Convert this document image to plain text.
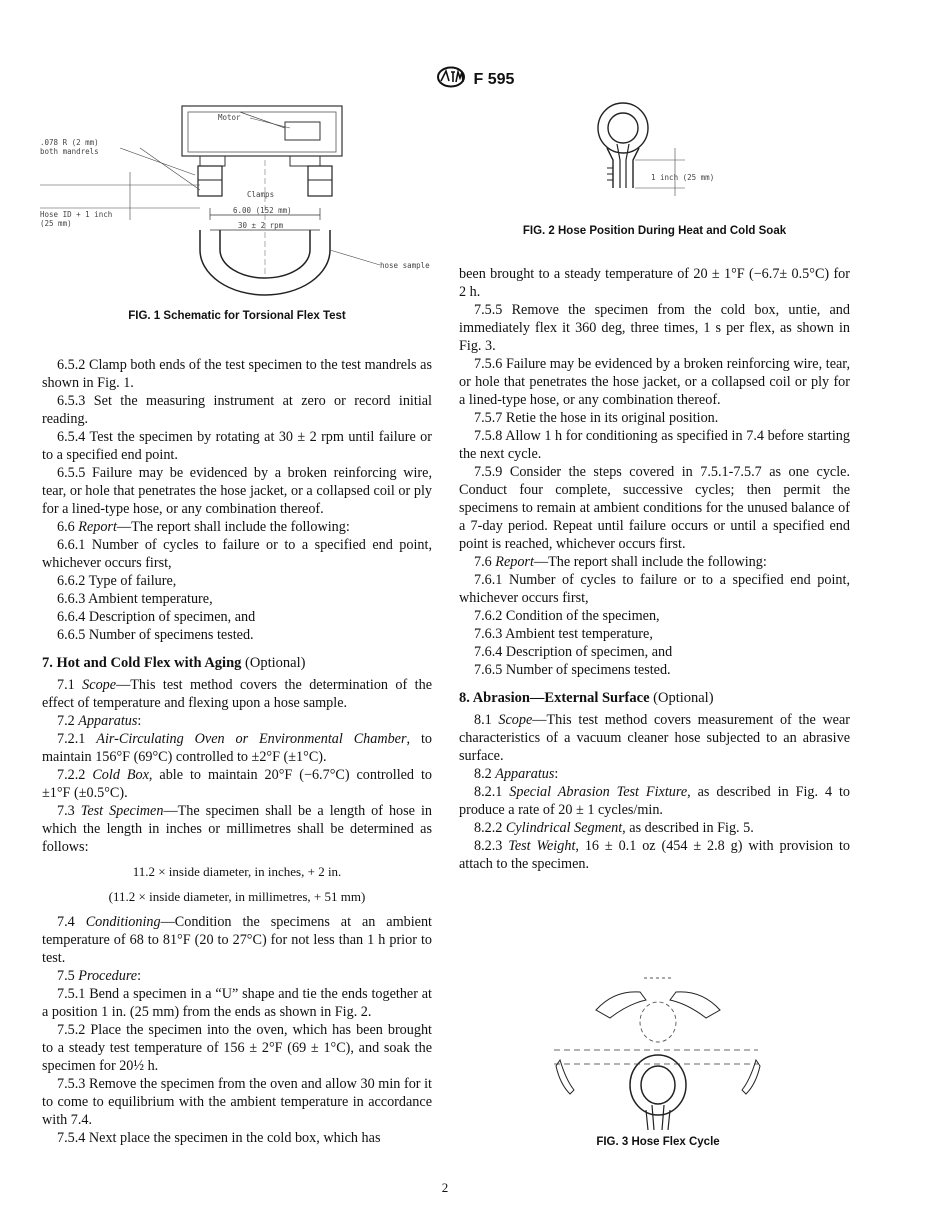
F 595
Motor
.078 R (2 mm)
both mandrels
Clamps
6.00 (152 mm)
30 ± 2 rpm
Hose ID + 1 inch
(25 mm)
hose sample
FIG. 1 Schematic for Torsional Flex Test
1 inch (25 mm)
FIG. 2 Hose Position During Heat and Cold Soak
FIG. 3 Hose Flex Cycle

6.5.2 Clamp both ends of the test specimen to the test mandrels as shown in Fig. 1.

6.5.3 Set the measuring instrument at zero or record initial reading.

6.5.4 Test the specimen by rotating at 30 ± 2 rpm until failure or to a specified end point.

6.5.5 Failure may be evidenced by a broken reinforcing wire, tear, or hole that penetrates the hose jacket, or a collapsed coil or ply for a lined-type hose, or any combination thereof.

6.6 Report—The report shall include the following:

6.6.1 Number of cycles to failure or to a specified end point, whichever occurs first,

6.6.2 Type of failure,

6.6.3 Ambient temperature,

6.6.4 Description of specimen, and

6.6.5 Number of specimens tested.

7. Hot and Cold Flex with Aging (Optional)

7.1 Scope—This test method covers the determination of the effect of temperature and flexing upon a hose sample.

7.2 Apparatus:

7.2.1 Air-Circulating Oven or Environmental Chamber, to maintain 156°F (69°C) controlled to ±2°F (±1°C).

7.2.2 Cold Box, able to maintain 20°F (−6.7°C) controlled to ±1°F (±0.5°C).

7.3 Test Specimen—The specimen shall be a length of hose in which the length in inches or millimetres shall be determined as follows:

11.2 × inside diameter, in inches, + 2 in.

(11.2 × inside diameter, in millimetres, + 51 mm)

7.4 Conditioning—Condition the specimens at an ambient temperature of 68 to 81°F (20 to 27°C) for not less than 1 h prior to test.

7.5 Procedure:

7.5.1 Bend a specimen in a “U” shape and tie the ends together at a position 1 in. (25 mm) from the ends as shown in Fig. 2.

7.5.2 Place the specimen into the oven, which has been brought to a steady test temperature of 156 ± 2°F (69 ± 1°C), and soak the specimen for 20½ h.

7.5.3 Remove the specimen from the oven and allow 30 min for it to come to equilibrium with the ambient temperature in accordance with 7.4.

7.5.4 Next place the specimen in the cold box, which has

been brought to a steady temperature of 20 ± 1°F (−6.7± 0.5°C) for 2 h.

7.5.5 Remove the specimen from the cold box, untie, and immediately flex it 360 deg, three times, 1 s per flex, as shown in Fig. 3.

7.5.6 Failure may be evidenced by a broken reinforcing wire, tear, or hole that penetrates the hose jacket, or a collapsed coil or ply for a lined-type hose, or any combination thereof.

7.5.7 Retie the hose in its original position.

7.5.8 Allow 1 h for conditioning as specified in 7.4 before starting the next cycle.

7.5.9 Consider the steps covered in 7.5.1-7.5.7 as one cycle. Conduct four complete, successive cycles; then permit the specimens to remain at ambient conditions for the unused balance of a 7-day period. Repeat until failure occurs or until a specified end point is reached, whichever occurs first.

7.6 Report—The report shall include the following:

7.6.1 Number of cycles to failure or to a specified end point, whichever occurs first,

7.6.2 Condition of the specimen,

7.6.3 Ambient test temperature,

7.6.4 Description of specimen, and

7.6.5 Number of specimens tested.

8. Abrasion—External Surface (Optional)

8.1 Scope—This test method covers measurement of the wear characteristics of a vacuum cleaner hose subjected to an abrasive surface.

8.2 Apparatus:

8.2.1 Special Abrasion Test Fixture, as described in Fig. 4 to produce a rate of 20 ± 1 cycles/min.

8.2.2 Cylindrical Segment, as described in Fig. 5.

8.2.3 Test Weight, 16 ± 0.1 oz (454 ± 2.8 g) with provision to attach to the specimen.

2
